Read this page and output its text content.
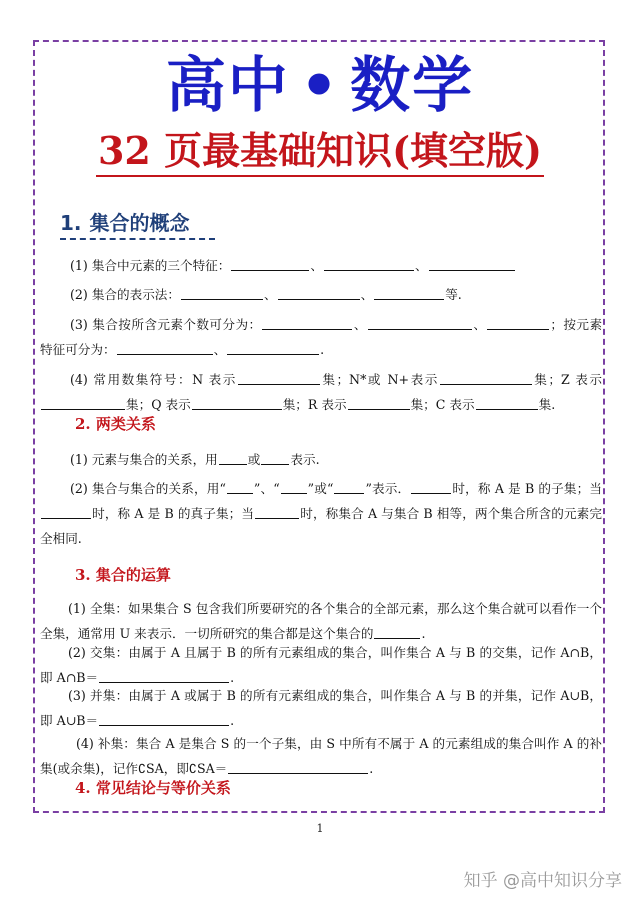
高中 • 数学
32 页最基础知识(填空版)
1. 集合的概念
(1) 集合中元素的三个特征：	、	、
(2) 集合的表示法：	、	、	等.
(3) 集合按所含元素个数可分为：	、	、	；按元素特征可分为：	、	.
(4) 常用数集符号：N 表示	集；N*或 N+表示	集；Z 表示集；Q 表示	集；R 表示	集；C 表示	集.
2. 两类关系
(1) 元素与集合的关系，用 或 表示.
(2) 集合与集合的关系，用“ ”、“ ”或“	”表示．	时，称 A 是 B 的子集；当时，称 A 是 B 的真子集；当	时，称集合 A 与集合 B 相等，两个集合所含的元素完全相同.
3. 集合的运算
(1) 全集：如果集合 S 包含我们所要研究的各个集合的全部元素，那么这个集合就可以看作一个全集，通常用 U 来表示．一切所研究的集合都是这个集合的	.
(2) 交集：由属于 A 且属于 B 的所有元素组成的集合，叫作集合 A 与 B 的交集，记作 A∩B，即 A∩B＝	.
(3) 并集：由属于 A 或属于 B 的所有元素组成的集合，叫作集合 A 与 B 的并集，记作 A∪B，即 A∪B＝	.
(4) 补集：集合 A 是集合 S 的一个子集，由 S 中所有不属于 A 的元素组成的集合叫作 A 的补集(或余集)，记作∁SA，即∁SA＝	.
4. 常见结论与等价关系
1
知乎 @高中知识分享
